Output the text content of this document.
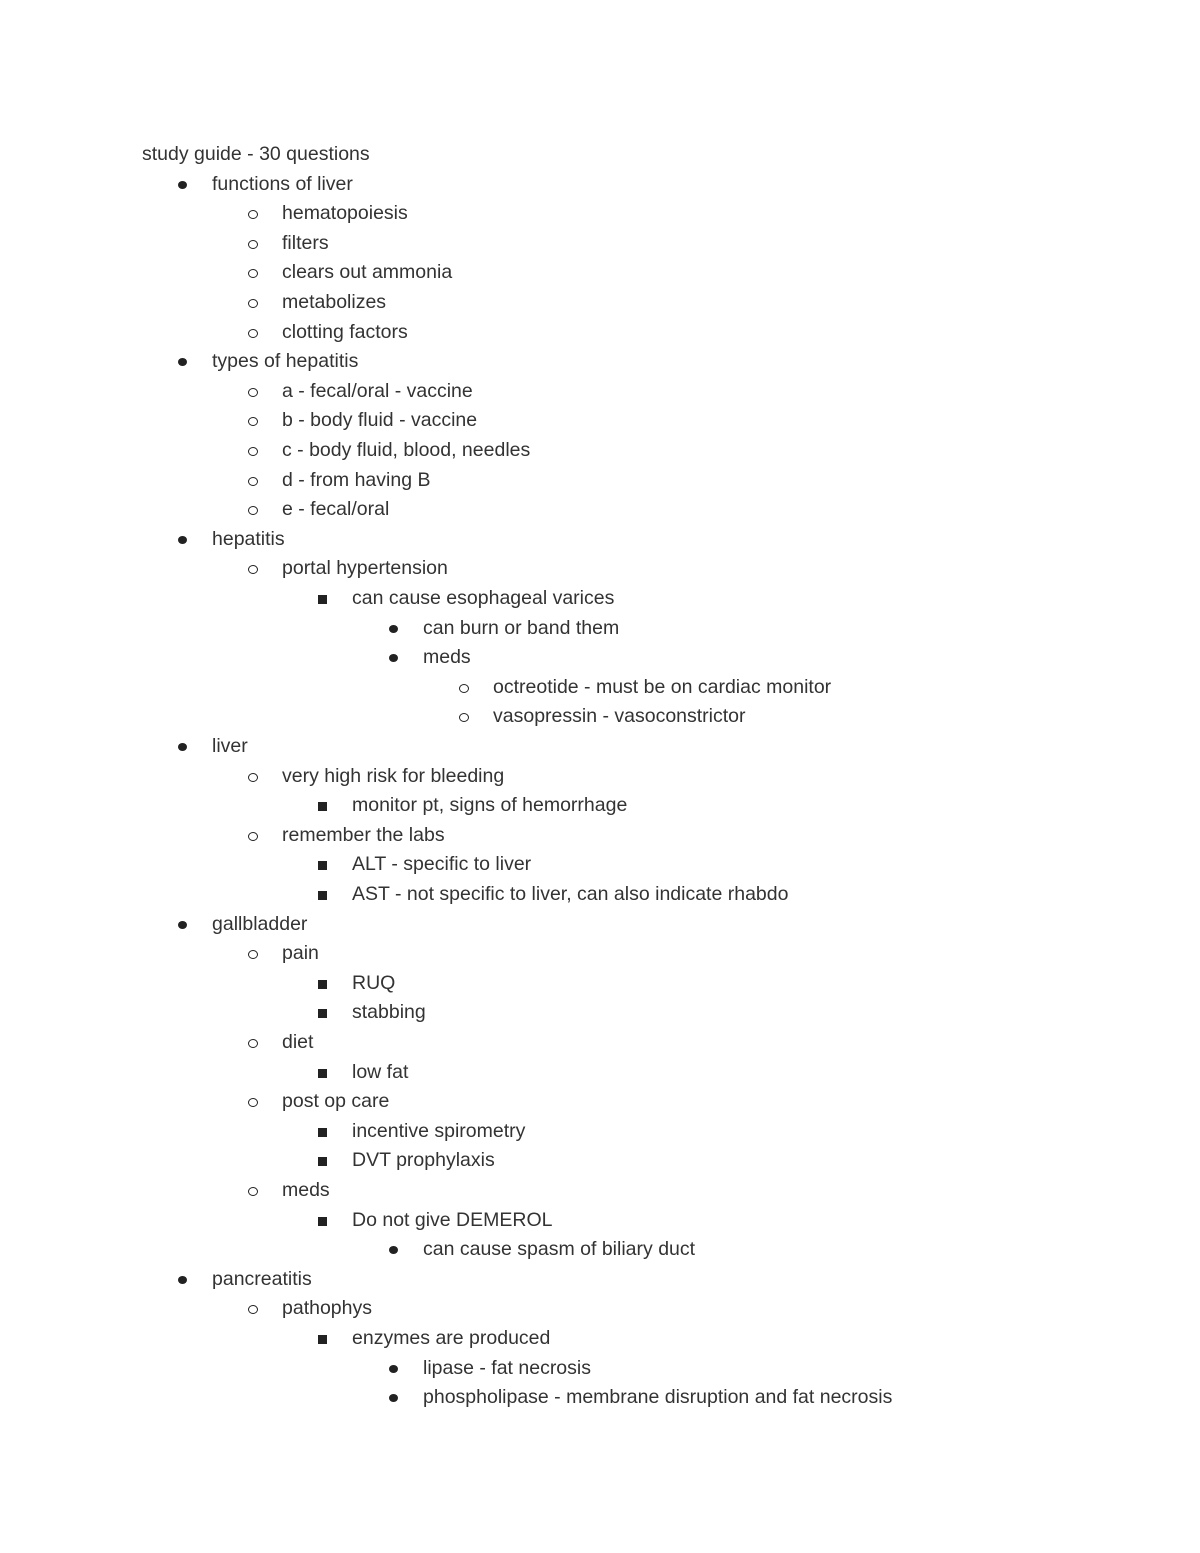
study guide - 30 questions
functions of liver
hematopoiesis
filters
clears out ammonia
metabolizes
clotting factors
types of hepatitis
a - fecal/oral - vaccine
b - body fluid - vaccine
c - body fluid, blood, needles
d - from having B
e - fecal/oral
hepatitis
portal hypertension
can cause esophageal varices
can burn or band them
meds
octreotide - must be on cardiac monitor
vasopressin - vasoconstrictor
liver
very high risk for bleeding
monitor pt, signs of hemorrhage
remember the labs
ALT - specific to liver
AST - not specific to liver, can also indicate rhabdo
gallbladder
pain
RUQ
stabbing
diet
low fat
post op care
incentive spirometry
DVT prophylaxis
meds
Do not give DEMEROL
can cause spasm of biliary duct
pancreatitis
pathophys
enzymes are produced
lipase - fat necrosis
phospholipase - membrane disruption and fat necrosis
